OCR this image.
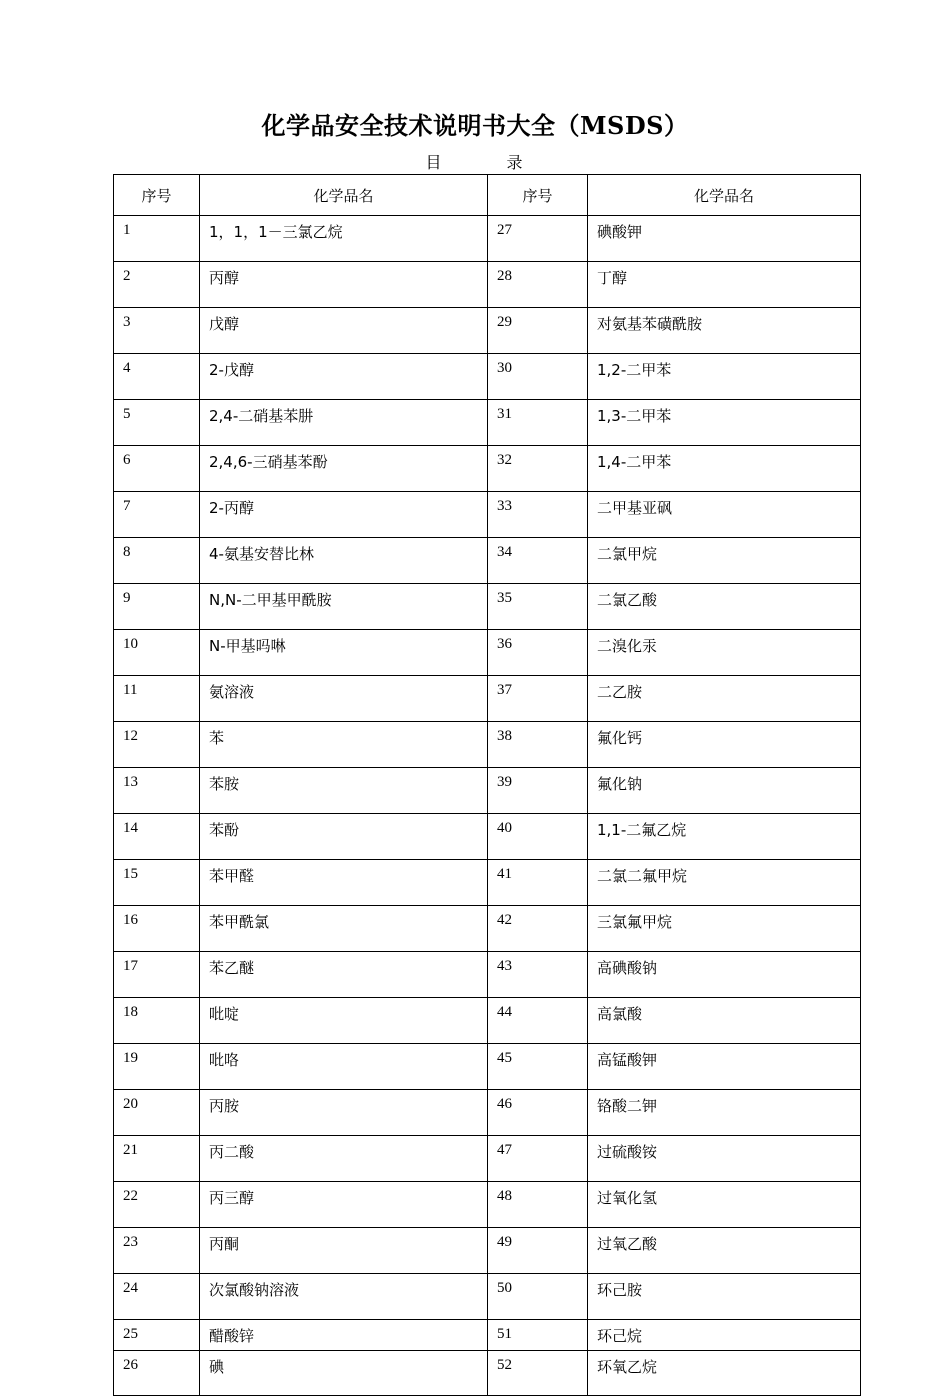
化学品安全技术说明书大全（MSDS）
目 录
序号	化学品名	序号	化学品名
1	1，1，1－三氯乙烷	27	碘酸钾
2	丙醇	28	丁醇
3	戊醇	29	对氨基苯磺酰胺
4	2-戊醇	30	1,2-二甲苯
5	2,4-二硝基苯肼	31	1,3-二甲苯
6	2,4,6-三硝基苯酚	32	1,4-二甲苯
7	2-丙醇	33	二甲基亚砜
8	4-氨基安替比林	34	二氯甲烷
9	N,N-二甲基甲酰胺	35	二氯乙酸
10	N-甲基吗啉	36	二溴化汞
11	氨溶液	37	二乙胺
12	苯	38	氟化钙
13	苯胺	39	氟化钠
14	苯酚	40	1,1-二氟乙烷
15	苯甲醛	41	二氯二氟甲烷
16	苯甲酰氯	42	三氯氟甲烷
17	苯乙醚	43	高碘酸钠
18	吡啶	44	高氯酸
19	吡咯	45	高锰酸钾
20	丙胺	46	铬酸二钾
21	丙二酸	47	过硫酸铵
22	丙三醇	48	过氧化氢
23	丙酮	49	过氧乙酸
24	次氯酸钠溶液	50	环己胺
25	醋酸锌	51	环己烷
26	碘	52	环氧乙烷
